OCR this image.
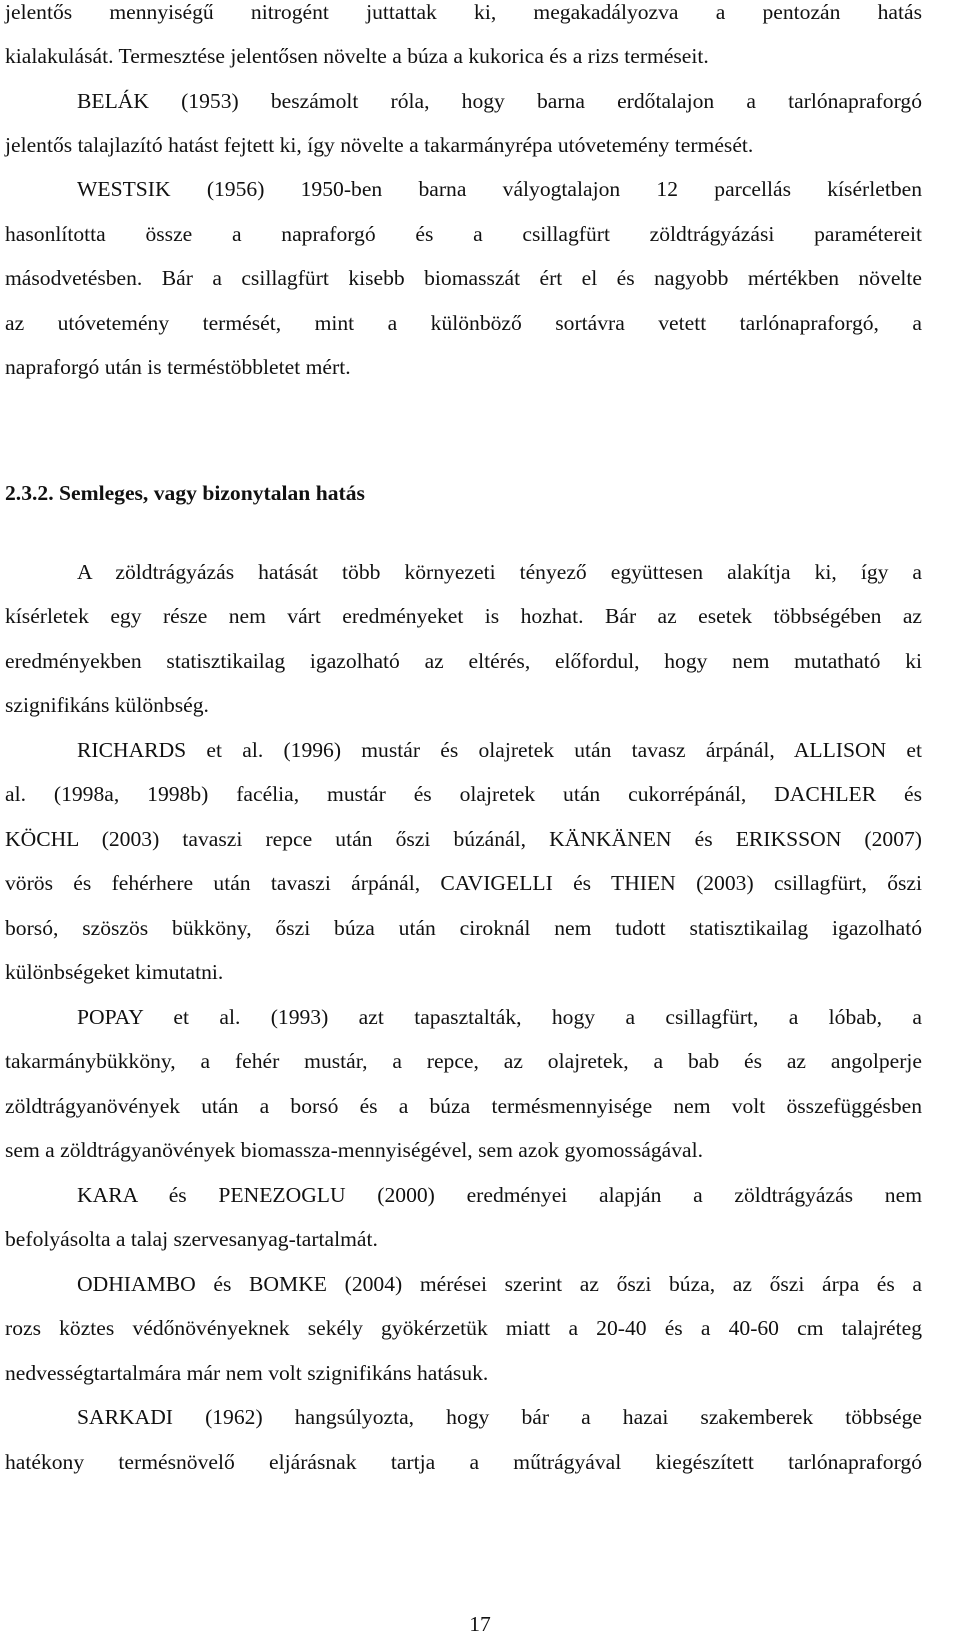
jelentős mennyiségű nitrogént juttattak ki, megakadályozva a pentozán hatás
kialakulását. Termesztése jelentősen növelte a búza a kukorica és a rizs terméseit.
BELÁK (1953) beszámolt róla, hogy barna erdőtalajon a tarlónapraforgó
jelentős talajlazító hatást fejtett ki, így növelte a takarmányrépa utóvetemény termését.
WESTSIK (1956) 1950-ben barna vályogtalajon 12 parcellás kísérletben
hasonlította össze a napraforgó és a csillagfürt zöldtrágyázási paramétereit
másodvetésben. Bár a csillagfürt kisebb biomasszát ért el és nagyobb mértékben növelte
az utóvetemény termését, mint a különböző sortávra vetett tarlónapraforgó, a
napraforgó után is terméstöbbletet mért.
2.3.2. Semleges, vagy bizonytalan hatás
A zöldtrágyázás hatását több környezeti tényező együttesen alakítja ki, így a
kísérletek egy része nem várt eredményeket is hozhat. Bár az esetek többségében az
eredményekben statisztikailag igazolható az eltérés, előfordul, hogy nem mutatható ki
szignifikáns különbség.
RICHARDS et al. (1996) mustár és olajretek után tavasz árpánál, ALLISON et
al. (1998a, 1998b) facélia, mustár és olajretek után cukorrépánál, DACHLER és
KÖCHL (2003) tavaszi repce után őszi búzánál, KÄNKÄNEN és ERIKSSON (2007)
vörös és fehérhere után tavaszi árpánál, CAVIGELLI és THIEN (2003) csillagfürt, őszi
borsó, szöszös bükköny, őszi búza után ciroknál nem tudott statisztikailag igazolható
különbségeket kimutatni.
POPAY et al. (1993) azt tapasztalták, hogy a csillagfürt, a lóbab, a
takarmánybükköny, a fehér mustár, a repce, az olajretek, a bab és az angolperje
zöldtrágyanövények után a borsó és a búza termésmennyisége nem volt összefüggésben
sem a zöldtrágyanövények biomassza-mennyiségével, sem azok gyomosságával.
KARA és PENEZOGLU (2000) eredményei alapján a zöldtrágyázás nem
befolyásolta a talaj szervesanyag-tartalmát.
ODHIAMBO és BOMKE (2004) mérései szerint az őszi búza, az őszi árpa és a
rozs köztes védőnövényeknek sekély gyökérzetük miatt a 20-40 és a 40-60 cm talajréteg
nedvességtartalmára már nem volt szignifikáns hatásuk.
SARKADI (1962) hangsúlyozta, hogy bár a hazai szakemberek többsége
hatékony termésnövelő eljárásnak tartja a műtrágyával kiegészített tarlónapraforgó
17
